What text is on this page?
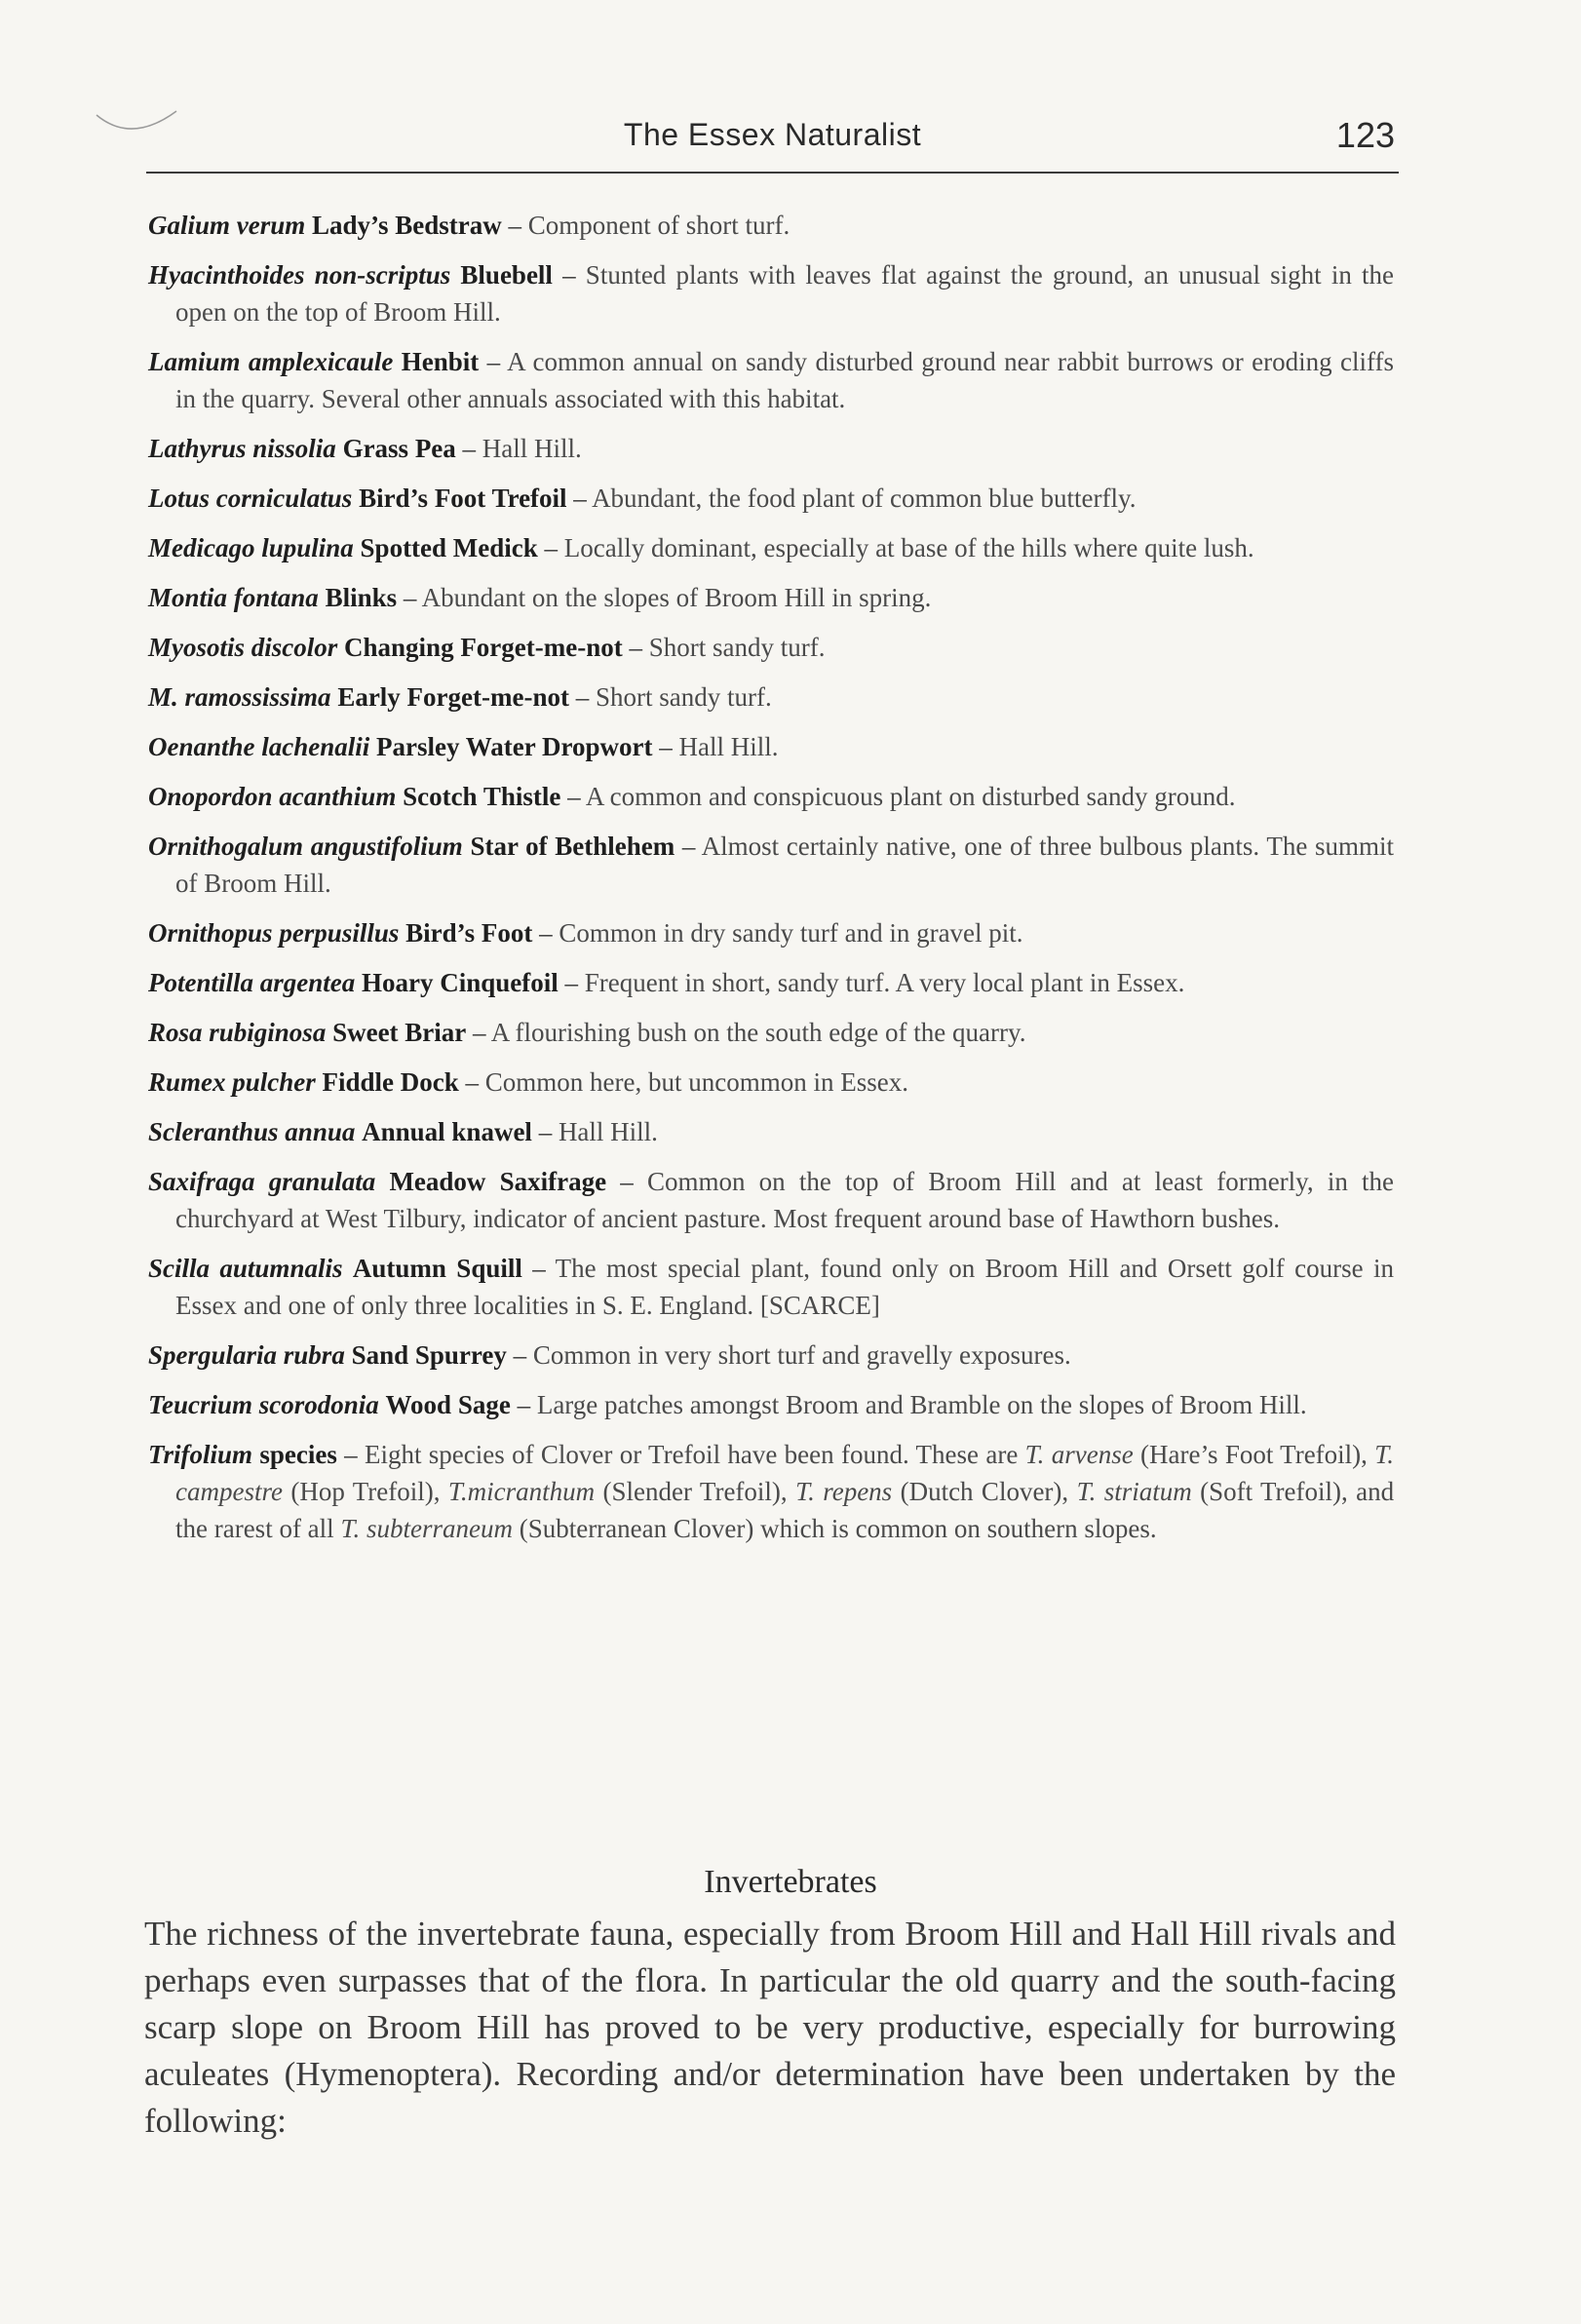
The Essex Naturalist	123

Galium verum Lady’s Bedstraw – Component of short turf.

Hyacinthoides non-scriptus Bluebell – Stunted plants with leaves flat against the ground, an unusual sight in the open on the top of Broom Hill.

Lamium amplexicaule Henbit – A common annual on sandy disturbed ground near rabbit burrows or eroding cliffs in the quarry. Several other annuals associated with this habitat.

Lathyrus nissolia Grass Pea – Hall Hill.

Lotus corniculatus Bird’s Foot Trefoil – Abundant, the food plant of common blue butterfly.

Medicago lupulina Spotted Medick – Locally dominant, especially at base of the hills where quite lush.

Montia fontana Blinks – Abundant on the slopes of Broom Hill in spring.

Myosotis discolor Changing Forget-me-not – Short sandy turf.

M. ramossissima Early Forget-me-not – Short sandy turf.

Oenanthe lachenalii Parsley Water Dropwort – Hall Hill.

Onopordon acanthium Scotch Thistle – A common and conspicuous plant on disturbed sandy ground.

Ornithogalum angustifolium Star of Bethlehem – Almost certainly native, one of three bulbous plants. The summit of Broom Hill.

Ornithopus perpusillus Bird’s Foot – Common in dry sandy turf and in gravel pit.

Potentilla argentea Hoary Cinquefoil – Frequent in short, sandy turf. A very local plant in Essex.

Rosa rubiginosa Sweet Briar – A flourishing bush on the south edge of the quarry.

Rumex pulcher Fiddle Dock – Common here, but uncommon in Essex.

Scleranthus annua Annual knawel – Hall Hill.

Saxifraga granulata Meadow Saxifrage – Common on the top of Broom Hill and at least formerly, in the churchyard at West Tilbury, indicator of ancient pasture. Most frequent around base of Hawthorn bushes.

Scilla autumnalis Autumn Squill – The most special plant, found only on Broom Hill and Orsett golf course in Essex and one of only three localities in S. E. England. [SCARCE]

Spergularia rubra Sand Spurrey – Common in very short turf and gravelly exposures.

Teucrium scorodonia Wood Sage – Large patches amongst Broom and Bramble on the slopes of Broom Hill.

Trifolium species – Eight species of Clover or Trefoil have been found. These are T. arvense (Hare’s Foot Trefoil), T. campestre (Hop Trefoil), T.micranthum (Slender Trefoil), T. repens (Dutch Clover), T. striatum (Soft Trefoil), and the rarest of all T. subterraneum (Subterranean Clover) which is common on southern slopes.

Invertebrates

The richness of the invertebrate fauna, especially from Broom Hill and Hall Hill rivals and perhaps even surpasses that of the flora. In particular the old quarry and the south-facing scarp slope on Broom Hill has proved to be very productive, especially for burrowing aculeates (Hymenoptera). Recording and/or determination have been undertaken by the following:
